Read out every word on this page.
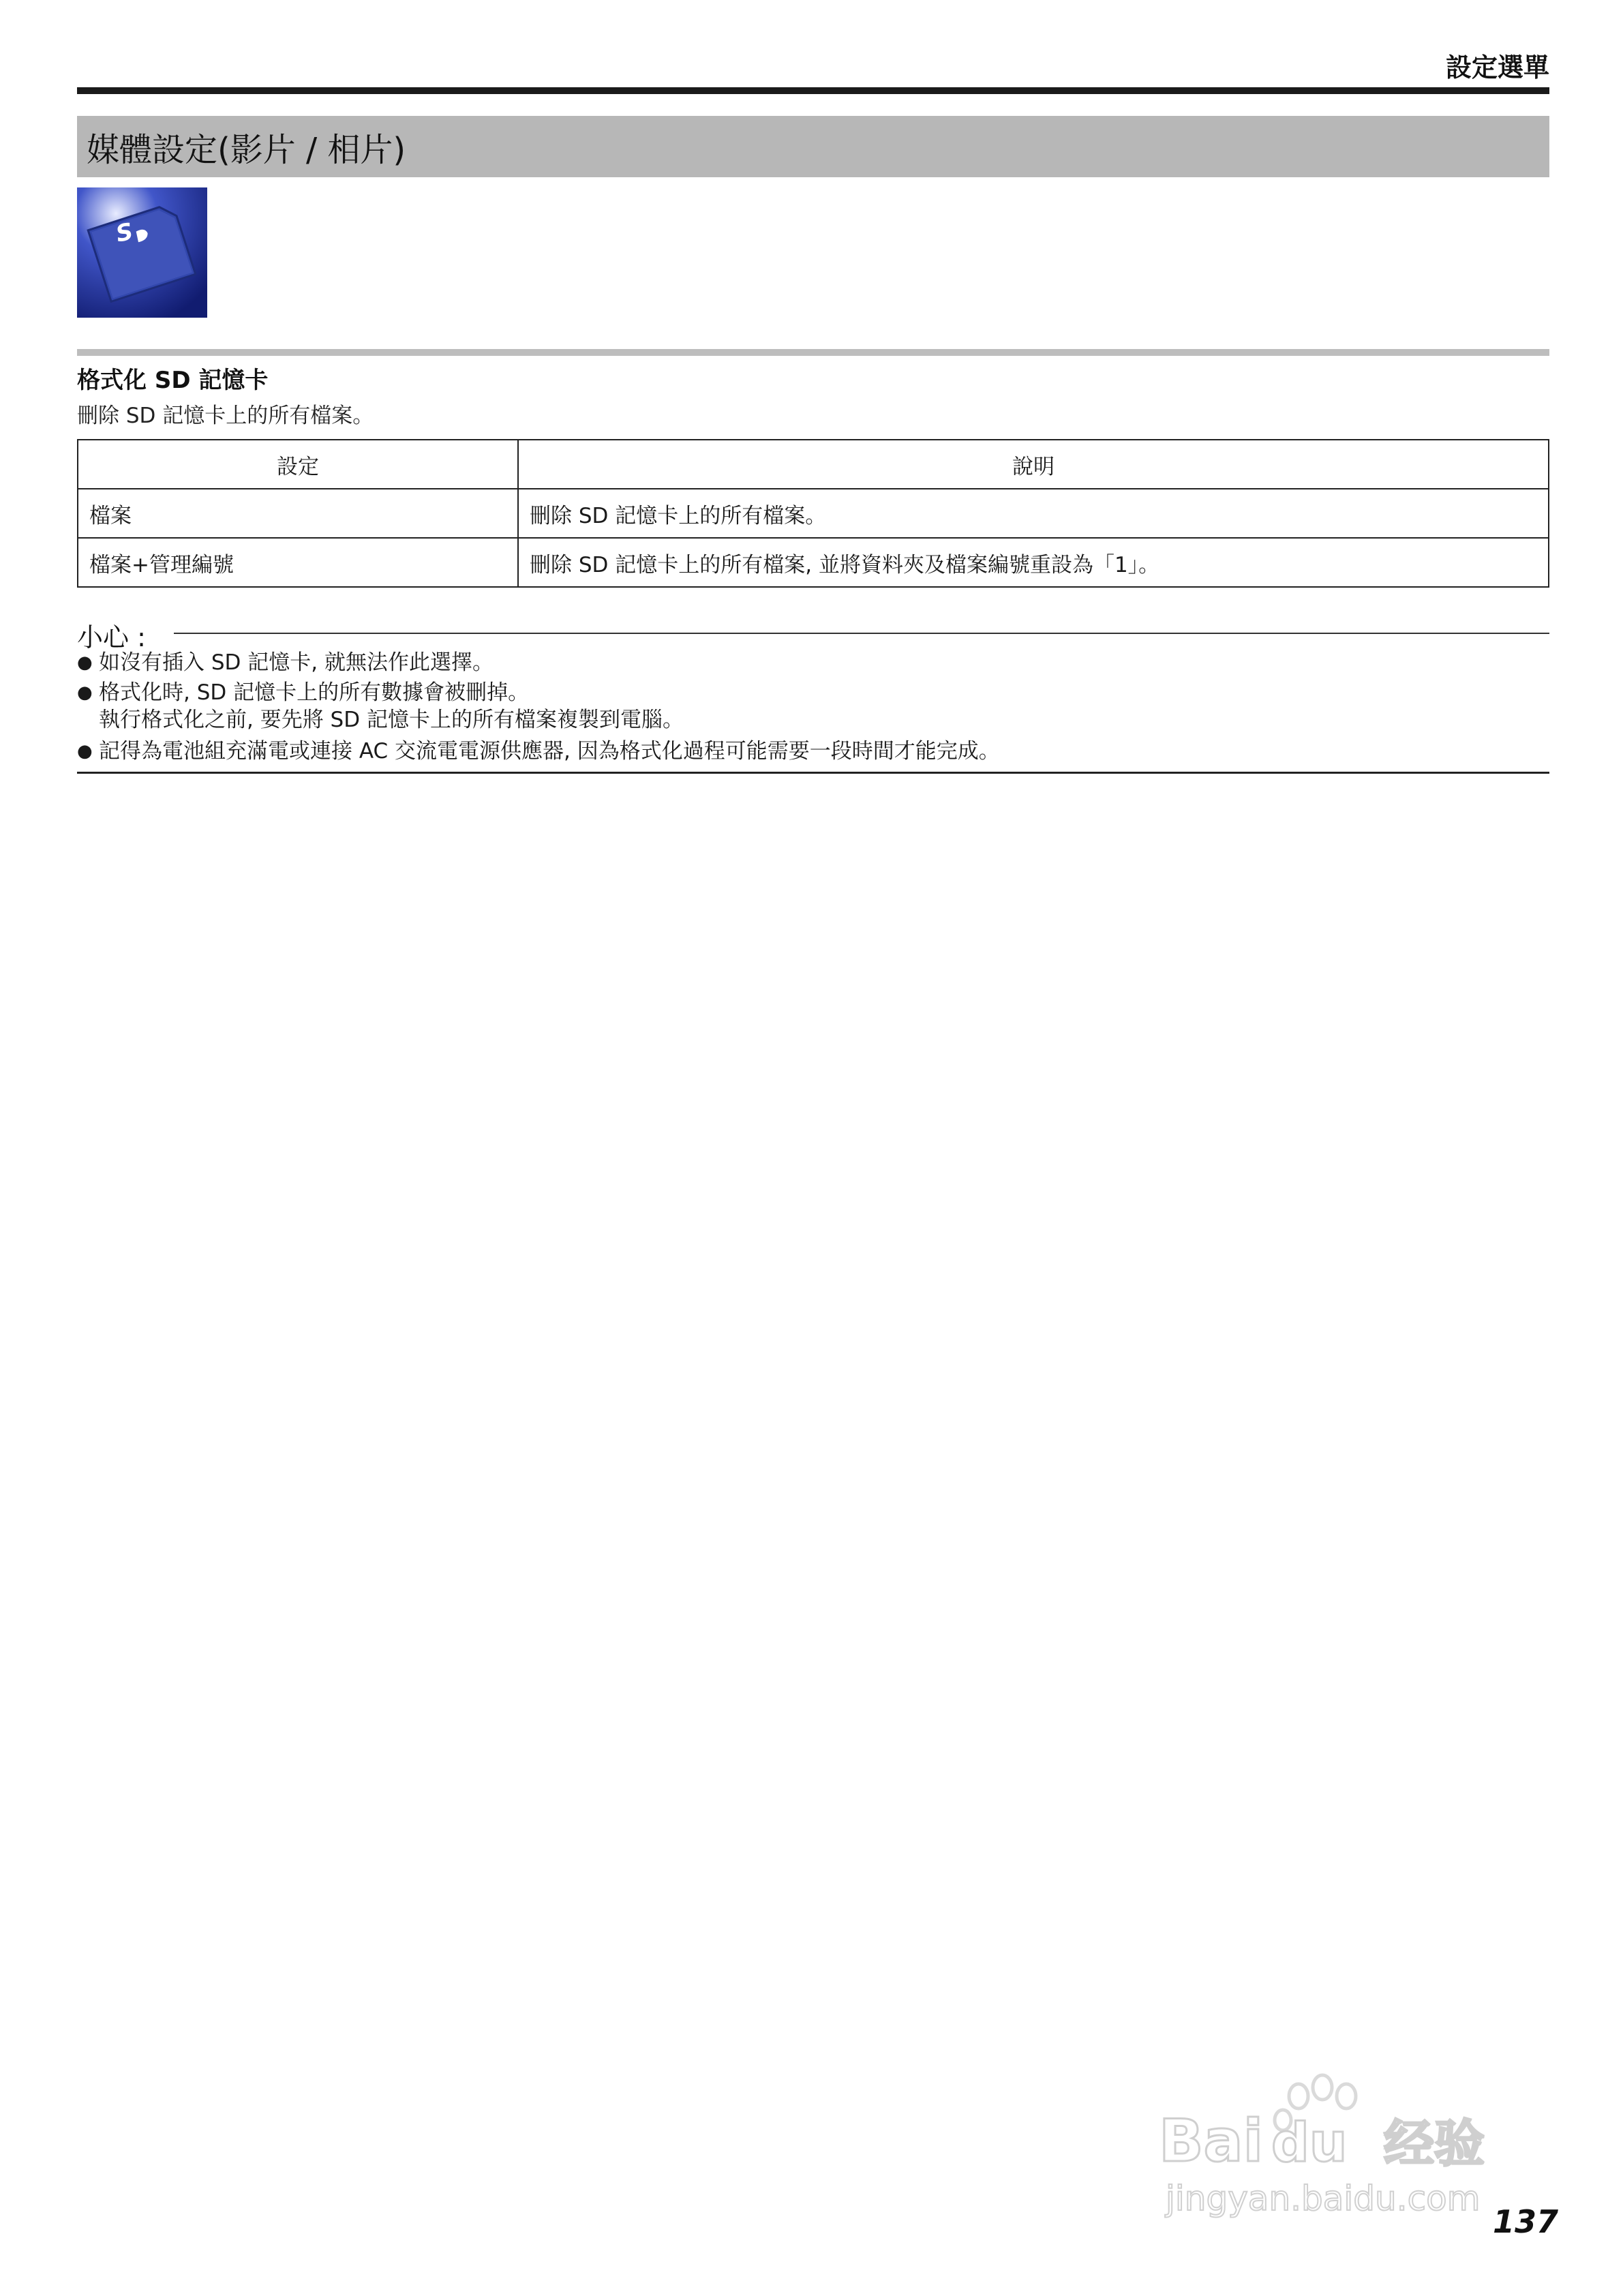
設定選單
媒體設定(影片 / 相片)
S
格式化 SD 記憶卡
刪除 SD 記憶卡上的所有檔案。
設定	說明
檔案	刪除 SD 記憶卡上的所有檔案。
檔案+管理編號	刪除 SD 記憶卡上的所有檔案, 並將資料夾及檔案編號重設為「1」。
小心 :
● 如沒有插入 SD 記憶卡, 就無法作此選擇。
● 格式化時, SD 記憶卡上的所有數據會被刪掉。
執行格式化之前, 要先將 SD 記憶卡上的所有檔案複製到電腦。
● 記得為電池組充滿電或連接 AC 交流電電源供應器, 因為格式化過程可能需要一段時間才能完成。
Bai du 经验
jingyan.baidu.com
137
